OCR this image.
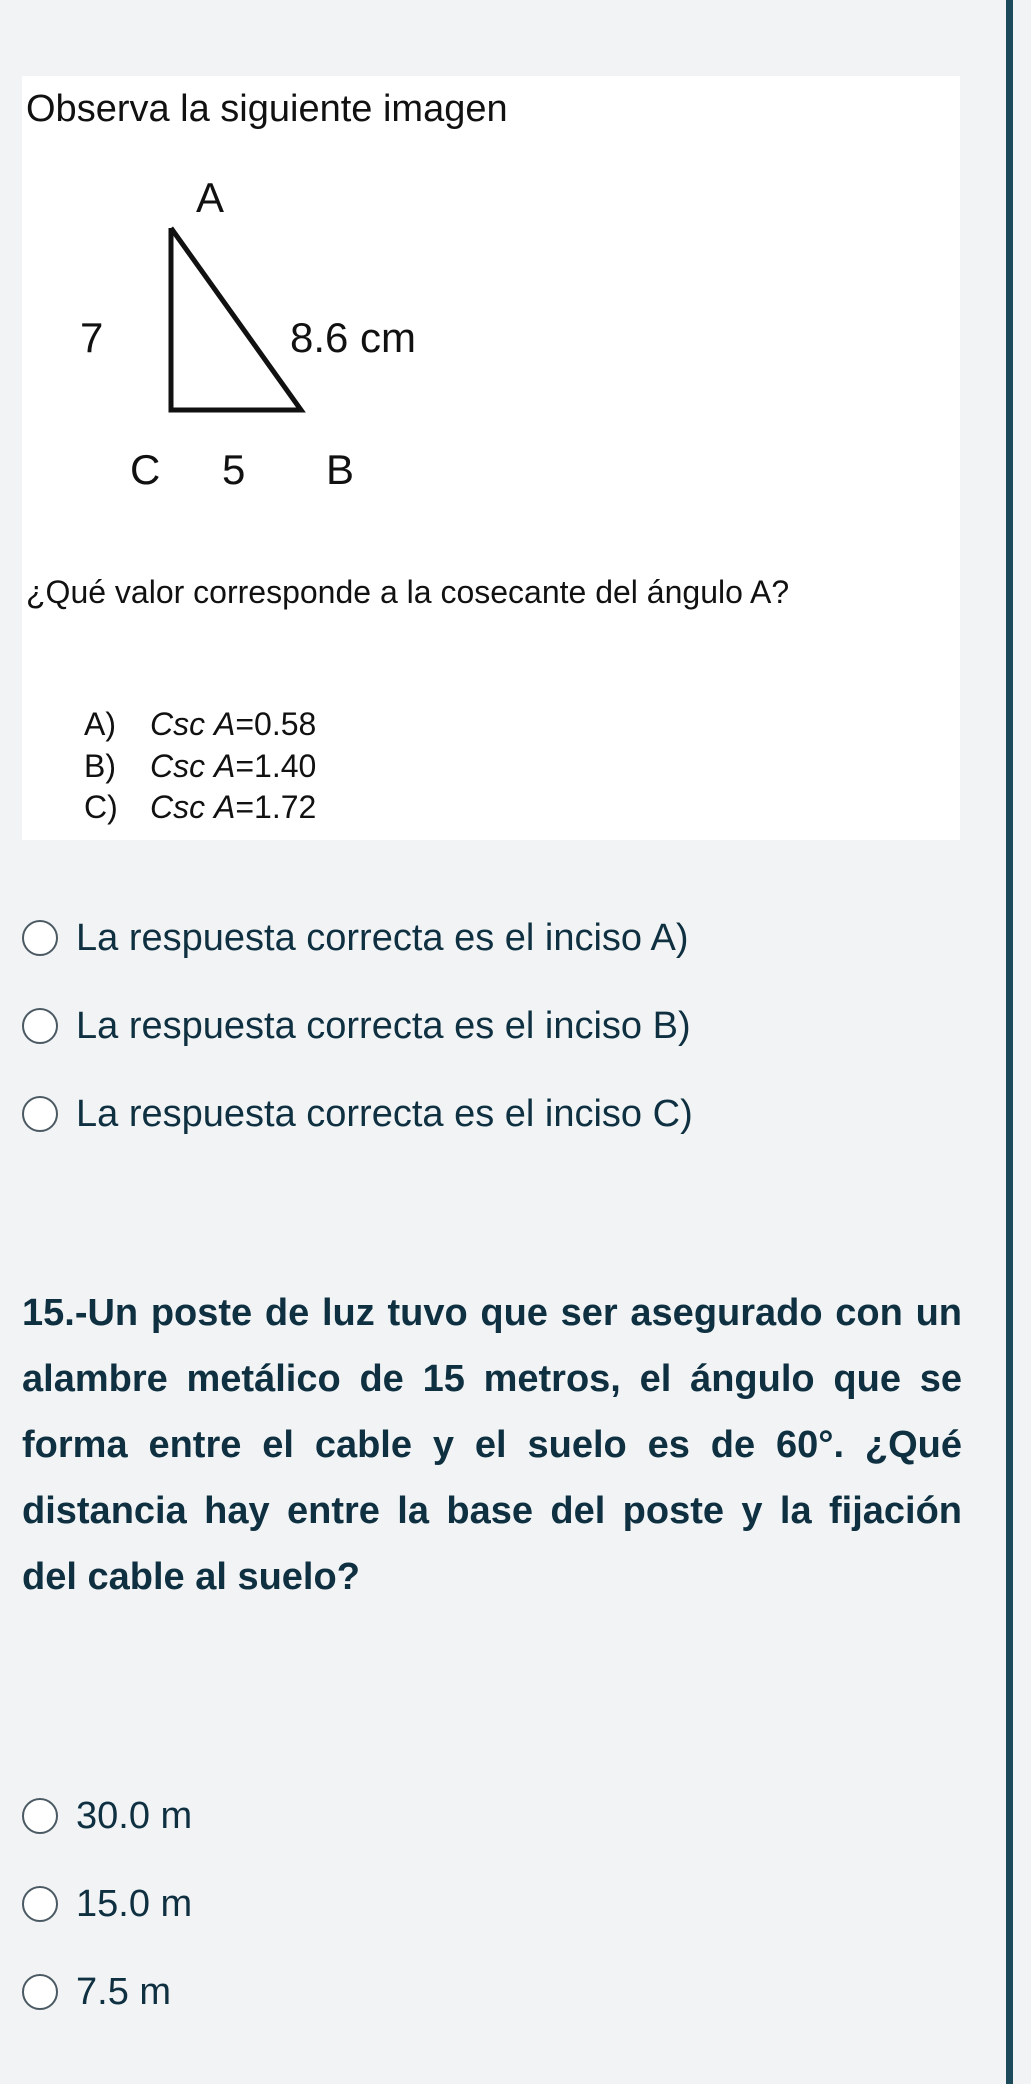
Observa la siguiente imagen
A
7	8.6 cm
C 5 B
¿Qué valor corresponde a la cosecante del ángulo A?
A) Csc A=0.58
B) Csc A=1.40
C) Csc A=1.72
La respuesta correcta es el inciso A)
La respuesta correcta es el inciso B)
La respuesta correcta es el inciso C)
15.-Un poste de luz tuvo que ser asegurado con un alambre metálico de 15 metros, el ángulo que se forma entre el cable y el suelo es de 60°. ¿Qué distancia hay entre la base del poste y la fijación del cable al suelo?
30.0 m
15.0 m
7.5 m
